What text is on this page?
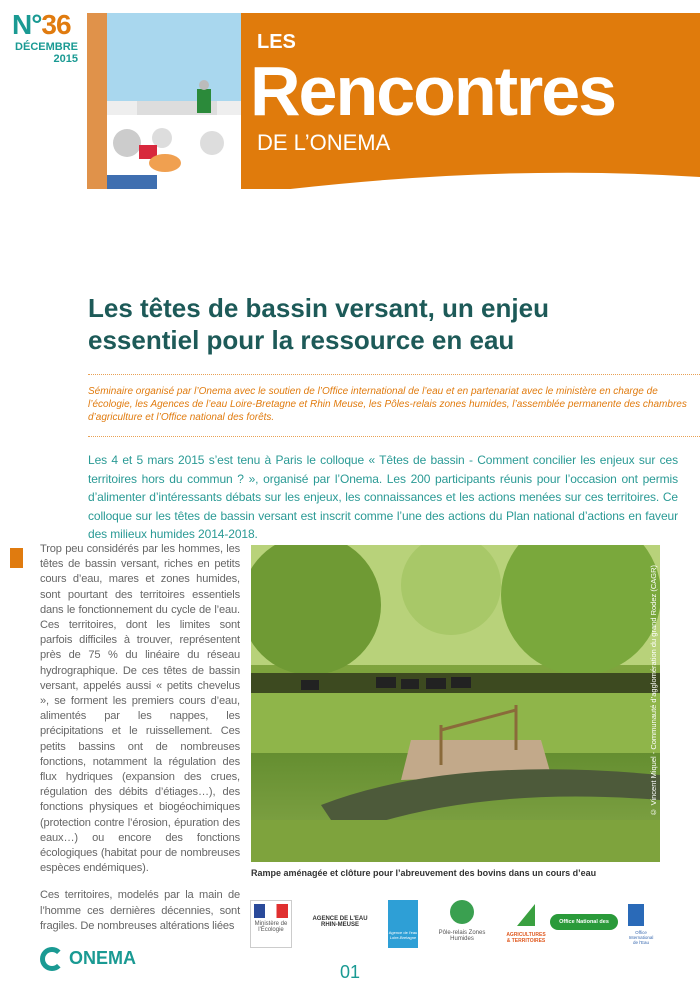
N°36
DÉCEMBRE
2015
LES
Rencontres
DE L’ONEMA
Les têtes de bassin versant, un enjeu essentiel pour la ressource en eau

Séminaire organisé par l’Onema avec le soutien de l’Office international de l’eau et en partenariat avec le ministère en charge de l’écologie, les Agences de l’eau Loire-Bretagne et Rhin Meuse, les Pôles-relais zones humides, l’assemblée permanente des chambres d’agriculture et l’Office national des forêts.

Les 4 et 5 mars 2015 s’est tenu à Paris le colloque « Têtes de bassin - Comment concilier les enjeux sur ces territoires hors du commun ? », organisé par l’Onema. Les 200 participants réunis pour l’occasion ont permis d’alimenter d’intéressants débats sur les enjeux, les connaissances et les actions menées sur ces territoires. Ce colloque sur les têtes de bassin versant est inscrit comme l’une des actions du Plan national d’actions en faveur des milieux humides 2014-2018.

Trop peu considérés par les hommes, les têtes de bassin versant, riches en petits cours d’eau, mares et zones humides, sont pourtant des territoires essentiels dans le fonctionnement du cycle de l’eau. Ces territoires, dont les limites sont parfois difficiles à trouver, représentent près de 75 % du linéaire du réseau hydrographique. De ces têtes de bassin versant, appelés aussi « petits chevelus », se forment les premiers cours d’eau, alimentés par les nappes, les précipitations et le ruissellement. Ces petits bassins ont de nombreuses fonctions, notamment la régulation des flux hydriques (expansion des crues, régulation des débits d’étiages…), des fonctions physiques et biogéochimiques (protection contre l’érosion, épuration des eaux…) ou encore des fonctions écologiques (habitat pour de nombreuses espèces endémiques).

Ces territoires, modelés par la main de l’homme ces dernières décennies, sont fragiles. De nombreuses altérations liées

© Vincent Miquel - Communauté d’agglomération du grand Rodez (CAGR)
Rampe aménagée et clôture pour l’abreuvement des bovins dans un cours d’eau
Ministère de l'Écologie
AGENCE DE L'EAU RHIN-MEUSE
Agence de l'eau Loire-Bretagne
Pôle-relais Zones Humides
AGRICULTURES & TERRITOIRES
Office National des Forêts
Office International de l'Eau
ONEMA
01
